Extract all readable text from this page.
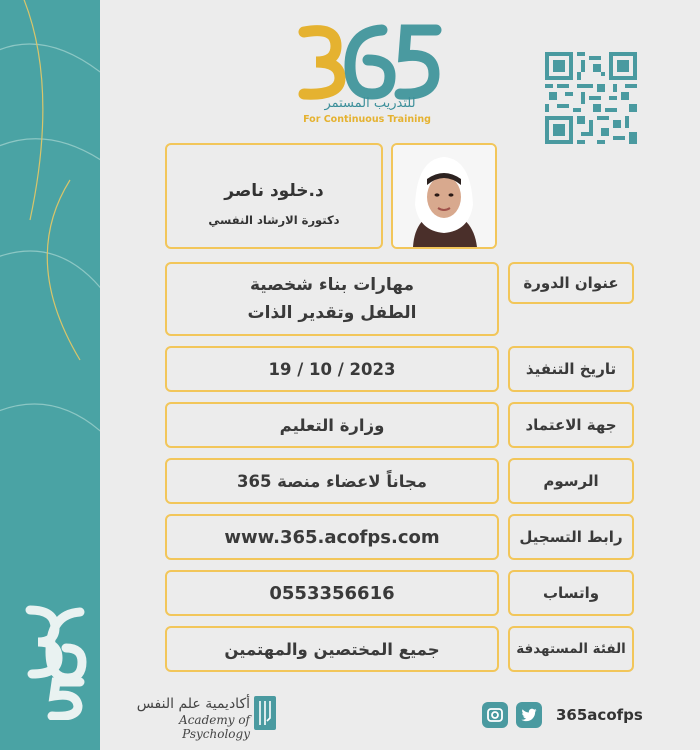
للتدريب المستمر
For Continuous Training
د.خلود ناصر
دكتورة الارشاد النفسي
مهارات بناء شخصية
الطفل وتقدير الذات
عنوان الدورة
2023 / 10 / 19	تاريخ التنفيذ
وزارة التعليم	جهة الاعتماد
مجاناً لاعضاء منصة 365	الرسوم
www.365.acofps.com	رابط التسجيل
0553356616	واتساب
جميع المختصين والمهتمين	الفئة المستهدفة
أكاديمية علم النفس
Academy of Psychology
365acofps
